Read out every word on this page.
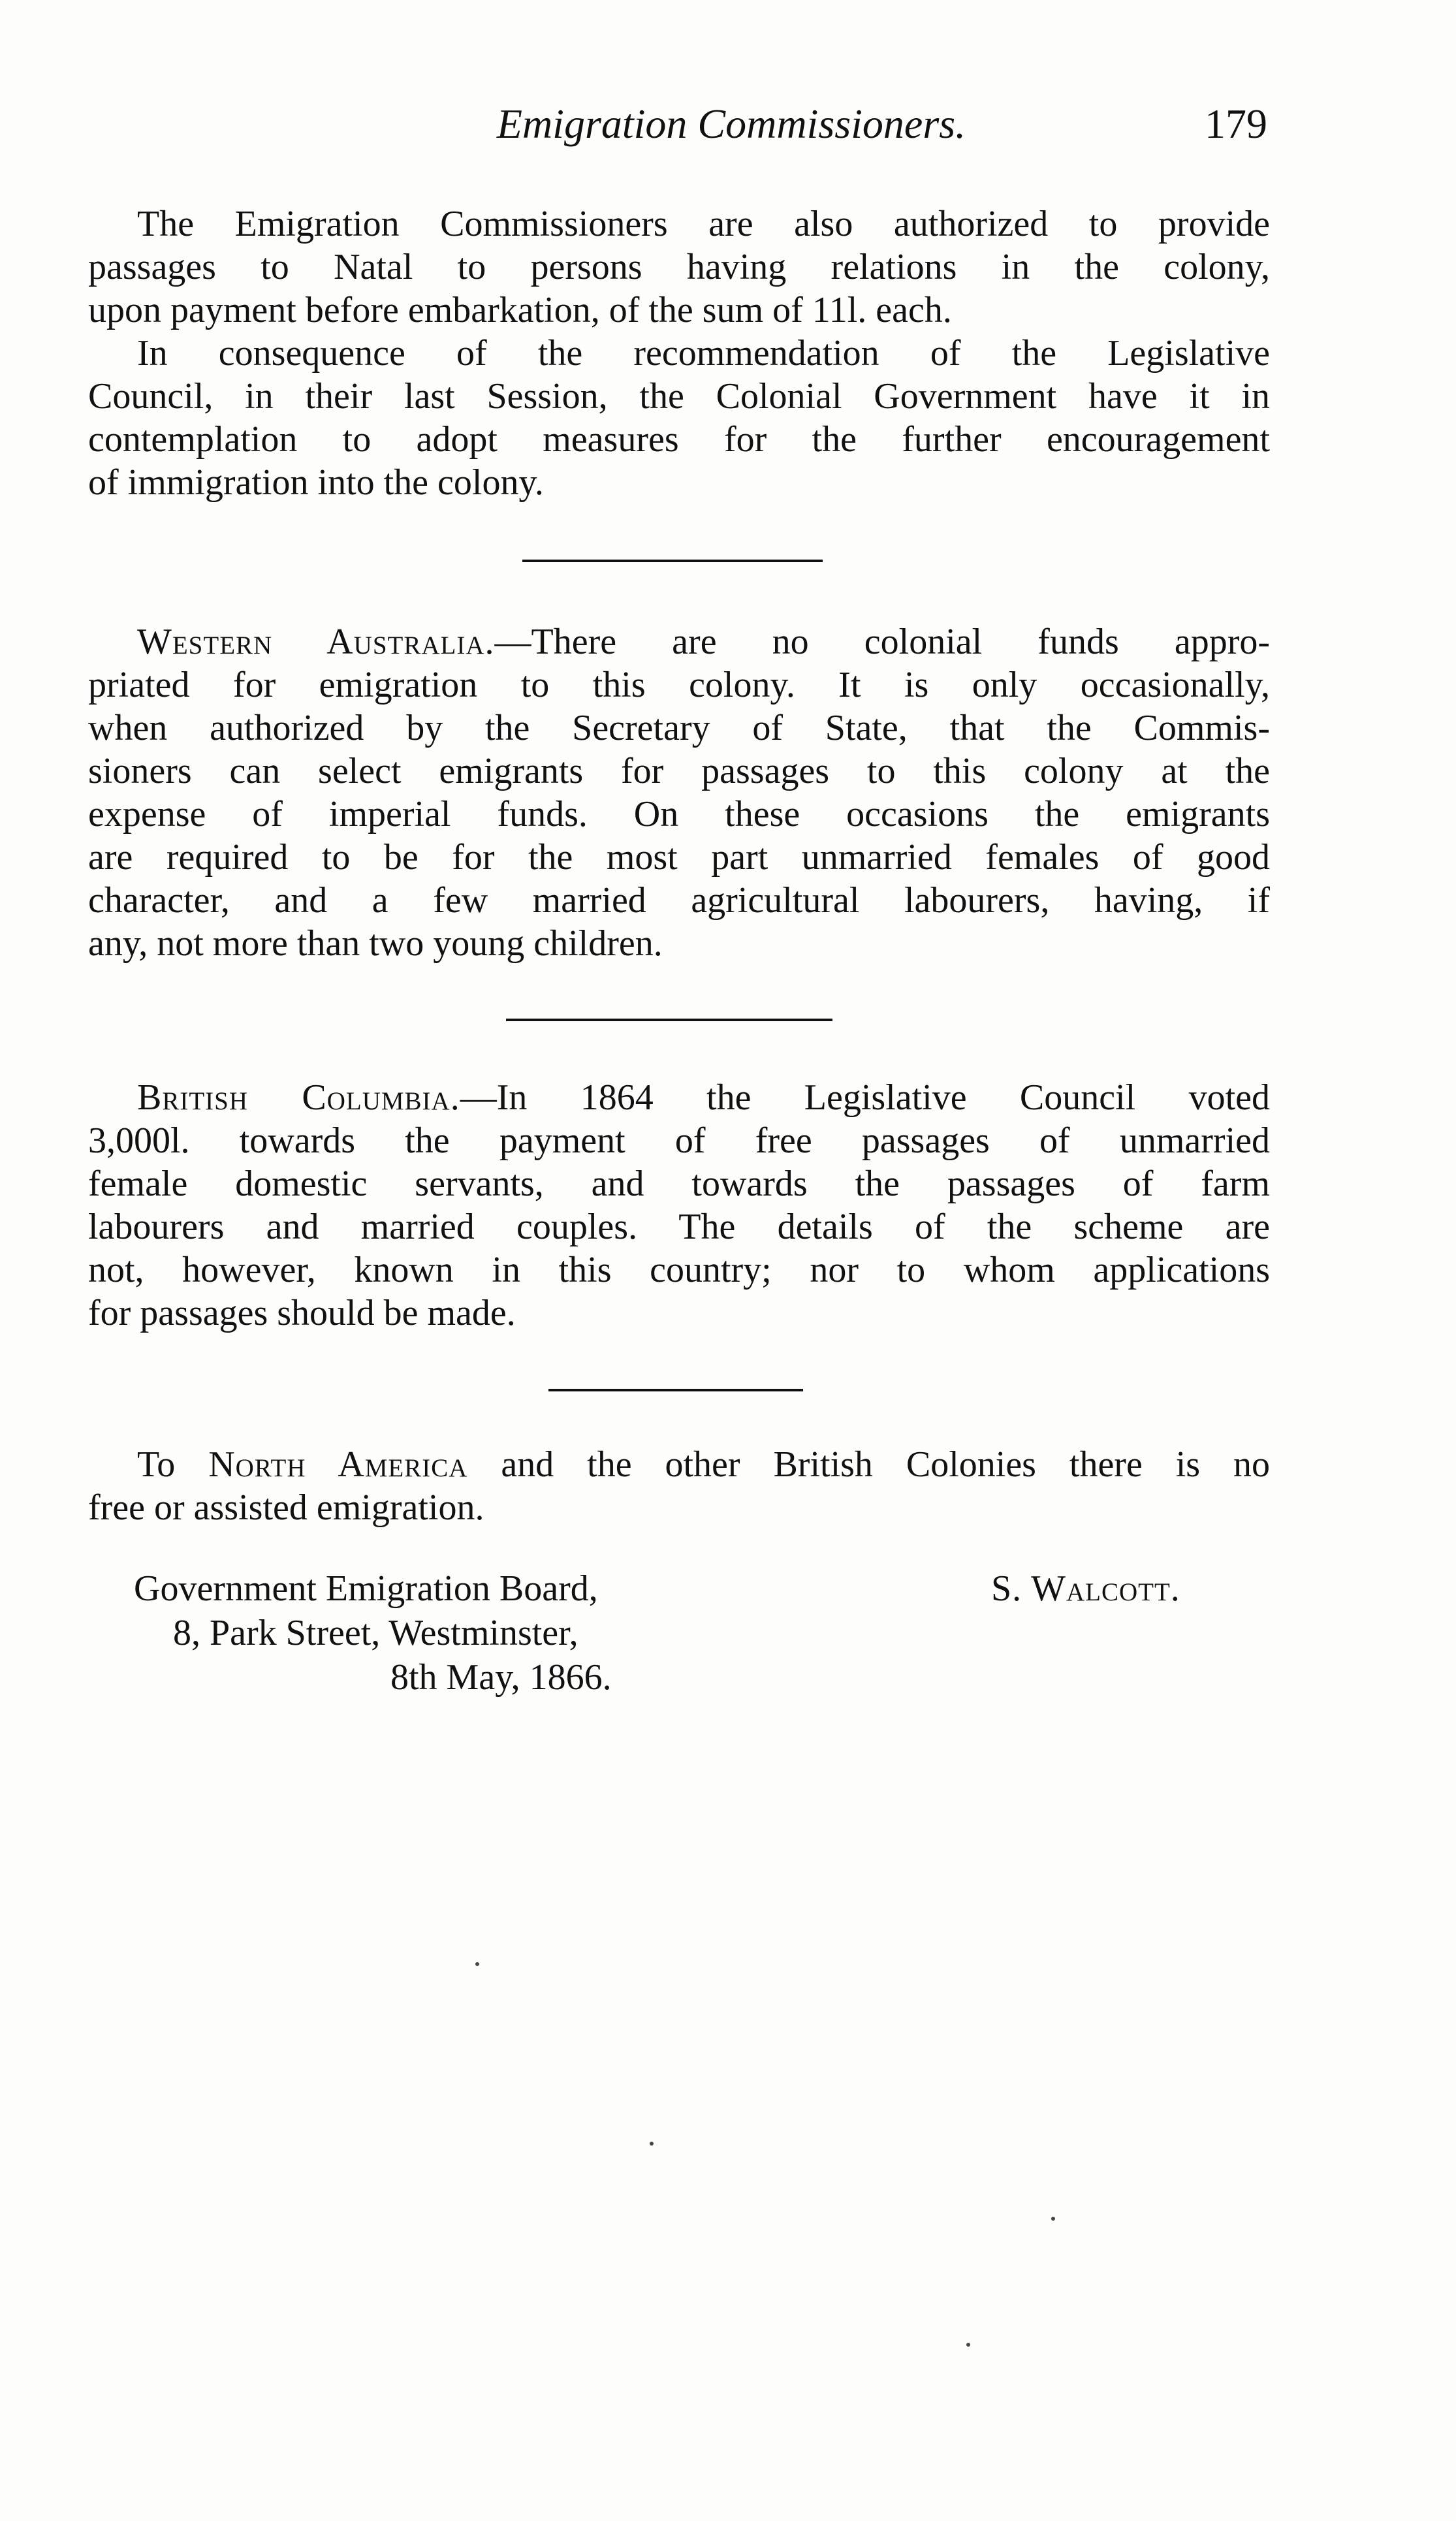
Emigration Commissioners.	179
The Emigration Commissioners are also authorized to provide
passages to Natal to persons having relations in the colony,
upon payment before embarkation, of the sum of 11l. each.
In consequence of the recommendation of the Legislative
Council, in their last Session, the Colonial Government have it in
contemplation to adopt measures for the further encouragement
of immigration into the colony.
Western Australia.—There are no colonial funds appro-
priated for emigration to this colony. It is only occasionally,
when authorized by the Secretary of State, that the Commis-
sioners can select emigrants for passages to this colony at the
expense of imperial funds. On these occasions the emigrants
are required to be for the most part unmarried females of good
character, and a few married agricultural labourers, having, if
any, not more than two young children.
British Columbia.—In 1864 the Legislative Council voted
3,000l. towards the payment of free passages of unmarried
female domestic servants, and towards the passages of farm
labourers and married couples. The details of the scheme are
not, however, known in this country; nor to whom applications
for passages should be made.
To North America and the other British Colonies there is no
free or assisted emigration.
Government Emigration Board,
8, Park Street, Westminster,
8th May, 1866.
S. Walcott.
